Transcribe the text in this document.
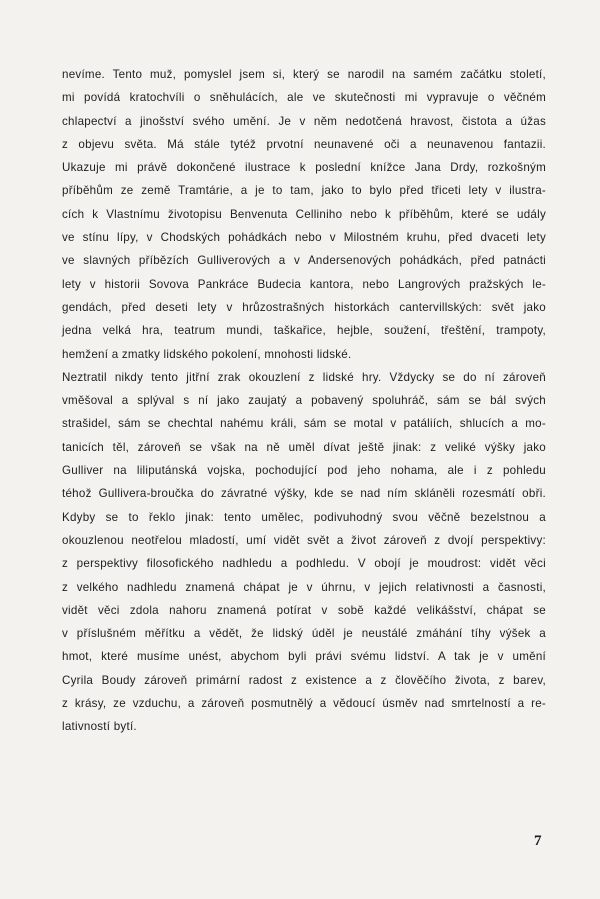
nevíme. Tento muž, pomyslel jsem si, který se narodil na samém začátku století,
mi povídá kratochvíli o sněhulácích, ale ve skutečnosti mi vypravuje o věčném
chlapectví a jinošství svého umění. Je v něm nedotčená hravost, čistota a úžas
z objevu světa. Má stále tytéž prvotní neunavené oči a neunavenou fantazii.
Ukazuje mi právě dokončené ilustrace k poslední knížce Jana Drdy, rozkošným
příběhům ze země Tramtárie, a je to tam, jako to bylo před třiceti lety v ilustra-
cích k Vlastnímu životopisu Benvenuta Celliniho nebo k příběhům, které se udály
ve stínu lípy, v Chodských pohádkách nebo v Milostném kruhu, před dvaceti lety
ve slavných příbězích Gulliverových a v Andersenových pohádkách, před patnácti
lety v historii Sovova Pankráce Budecia kantora, nebo Langrových pražských le-
gendách, před deseti lety v hrůzostrašných historkách cantervillských: svět jako
jedna velká hra, teatrum mundi, taškařice, hejble, soužení, třeštění, trampoty,
hemžení a zmatky lidského pokolení, mnohosti lidské.
Neztratil nikdy tento jitřní zrak okouzlení z lidské hry. Vždycky se do ní zároveň
vměšoval a splýval s ní jako zaujatý a pobavený spoluhráč, sám se bál svých
strašidel, sám se chechtal nahému králi, sám se motal v patáliích, shlucích a mo-
tanicích těl, zároveň se však na ně uměl dívat ještě jinak: z veliké výšky jako
Gulliver na liliputánská vojska, pochodující pod jeho nohama, ale i z pohledu
téhož Gullivera-broučka do závratné výšky, kde se nad ním skláněli rozesmátí obři.
Kdyby se to řeklo jinak: tento umělec, podivuhodný svou věčně bezelstnou a
okouzlenou neotřelou mladostí, umí vidět svět a život zároveň z dvojí perspektivy:
z perspektivy filosofického nadhledu a podhledu. V obojí je moudrost: vidět věci
z velkého nadhledu znamená chápat je v úhrnu, v jejich relativnosti a časnosti,
vidět věci zdola nahoru znamená potírat v sobě každé velikášství, chápat se
v příslušném měřítku a vědět, že lidský úděl je neustálé zmáhání tíhy výšek a
hmot, které musíme unést, abychom byli právi svému lidství. A tak je v umění
Cyrila Boudy zároveň primární radost z existence a z člověčího života, z barev,
z krásy, ze vzduchu, a zároveň posmutnělý a vědoucí úsměv nad smrtelností a re-
lativností bytí.
7
